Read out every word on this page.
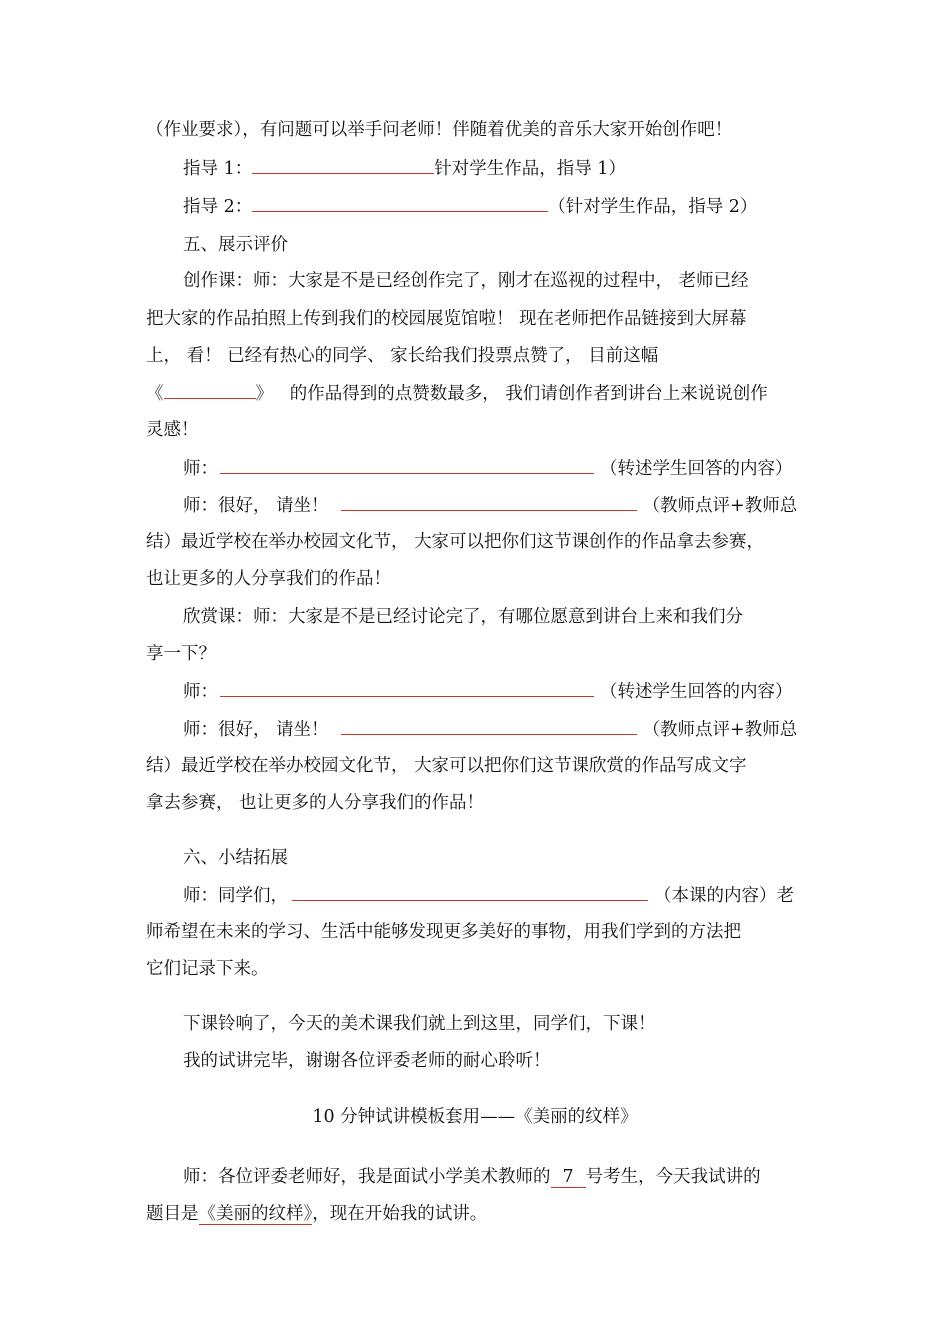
（作业要求），有问题可以举手问老师！伴随着优美的音乐大家开始创作吧！
指导 1：	针对学生作品，指导 1）
指导 2：	（针对学生作品，指导 2）
五、展示评价
创作课：师：大家是不是已经创作完了，刚才在巡视的过程中， 老师已经
把大家的作品拍照上传到我们的校园展览馆啦！ 现在老师把作品链接到大屏幕
上， 看！ 已经有热心的同学、 家长给我们投票点赞了， 目前这幅
《	》 的作品得到的点赞数最多， 我们请创作者到讲台上来说说创作
灵感！
师：	（转述学生回答的内容）
师：很好， 请坐！	（教师点评+教师总
结）最近学校在举办校园文化节， 大家可以把你们这节课创作的作品拿去参赛，
也让更多的人分享我们的作品！
欣赏课：师：大家是不是已经讨论完了，有哪位愿意到讲台上来和我们分
享一下？
师：	（转述学生回答的内容）
师：很好， 请坐！	（教师点评+教师总
结）最近学校在举办校园文化节， 大家可以把你们这节课欣赏的作品写成文字
拿去参赛， 也让更多的人分享我们的作品！
六、小结拓展
师：同学们，	（本课的内容）老
师希望在未来的学习、生活中能够发现更多美好的事物，用我们学到的方法把
它们记录下来。
下课铃响了，今天的美术课我们就上到这里，同学们，下课！
我的试讲完毕，谢谢各位评委老师的耐心聆听！
10 分钟试讲模板套用——《美丽的纹样》
师：各位评委老师好，我是面试小学美术教师的 7 号考生，今天我试讲的
题目是《美丽的纹样》，现在开始我的试讲。
